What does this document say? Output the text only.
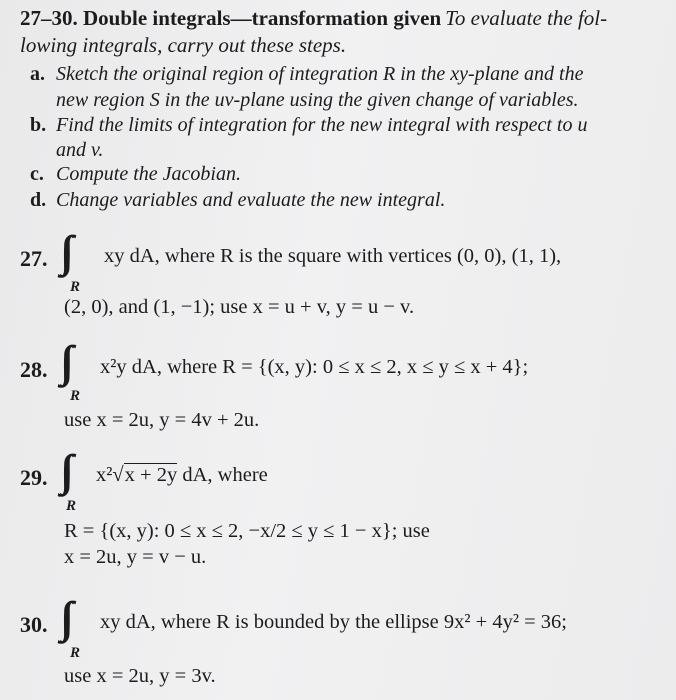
27–30. Double integrals—transformation given To evaluate the fol-
lowing integrals, carry out these steps.
a. Sketch the original region of integration R in the xy-plane and the
new region S in the uv-plane using the given change of variables.
b. Find the limits of integration for the new integral with respect to u
and v.
c. Compute the Jacobian.
d. Change variables and evaluate the new integral.
27.
R
xy dA, where R is the square with vertices (0, 0), (1, 1),
(2, 0), and (1, −1); use x = u + v, y = u − v.
28.
R
x²y dA, where R = {(x, y): 0 ≤ x ≤ 2, x ≤ y ≤ x + 4};
use x = 2u, y = 4v + 2u.
29.
R
x²√x + 2y dA, where
R = {(x, y): 0 ≤ x ≤ 2, −x/2 ≤ y ≤ 1 − x}; use
x = 2u, y = v − u.
30.
R
xy dA, where R is bounded by the ellipse 9x² + 4y² = 36;
use x = 2u, y = 3v.
